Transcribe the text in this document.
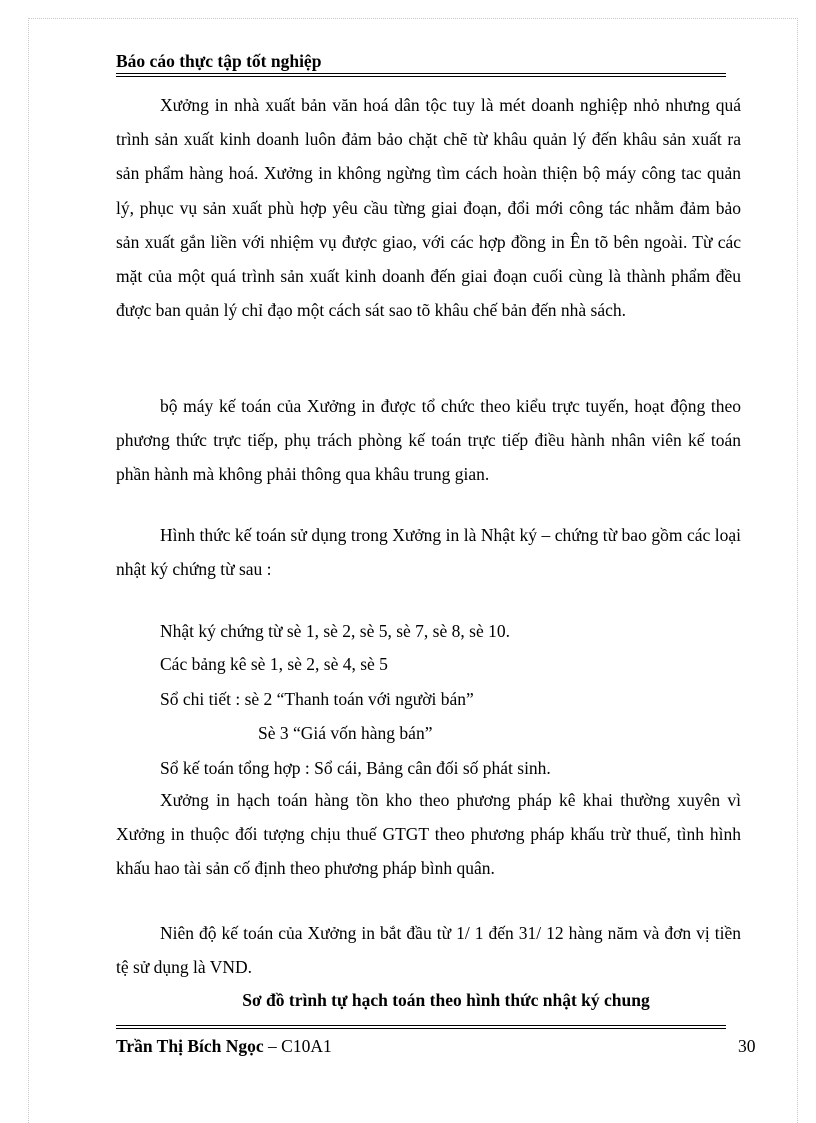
Báo cáo thực tập tốt nghiệp

Xưởng in nhà xuất bản văn hoá dân tộc tuy là mét doanh nghiệp nhỏ nhưng quá trình sản xuất kinh doanh luôn đảm bảo chặt chẽ từ khâu quản lý đến khâu sản xuất ra sản phẩm hàng hoá. Xưởng in không ngừng tìm cách hoàn thiện bộ máy công tac quản lý, phục vụ sản xuất phù hợp yêu cầu từng giai đoạn, đổi mới công tác nhằm đảm bảo sản xuất gắn liền với nhiệm vụ được giao, với các hợp đồng in Ên tõ bên ngoài. Từ các mặt của một quá trình sản xuất kinh doanh đến giai đoạn cuối cùng là thành phẩm đều được ban quản lý chỉ đạo một cách sát sao tõ khâu chế bản đến nhà sách.

bộ máy kế toán của Xưởng in được tổ chức theo kiểu trực tuyến, hoạt động theo phương thức trực tiếp, phụ trách phòng kế toán trực tiếp điều hành nhân viên kế toán phần hành mà không phải thông qua khâu trung gian.

Hình thức kế toán sử dụng trong Xưởng in là Nhật ký – chứng từ bao gồm các loại nhật ký chứng từ sau :

Nhật ký chứng từ sè 1, sè 2, sè 5, sè 7, sè 8, sè 10.
Các bảng kê sè 1, sè 2, sè 4, sè 5
Sổ chi tiết : sè 2 “Thanh toán với người bán”
Sè 3 “Giá vốn hàng bán”
Sổ kế toán tổng hợp : Sổ cái, Bảng cân đối số phát sinh.

Xưởng in hạch toán hàng tồn kho theo phương pháp kê khai thường xuyên vì Xưởng in thuộc đối tượng chịu thuế GTGT theo phương pháp khấu trừ thuế, tình hình khấu hao tài sản cố định theo phương pháp bình quân.

Niên độ kế toán của Xưởng in bắt đầu từ 1/ 1 đến 31/ 12 hàng năm và đơn vị tiền tệ sử dụng là VND.

Sơ đồ trình tự hạch toán theo hình thức nhật ký chung
Trần Thị Bích Ngọc – C10A1	30
